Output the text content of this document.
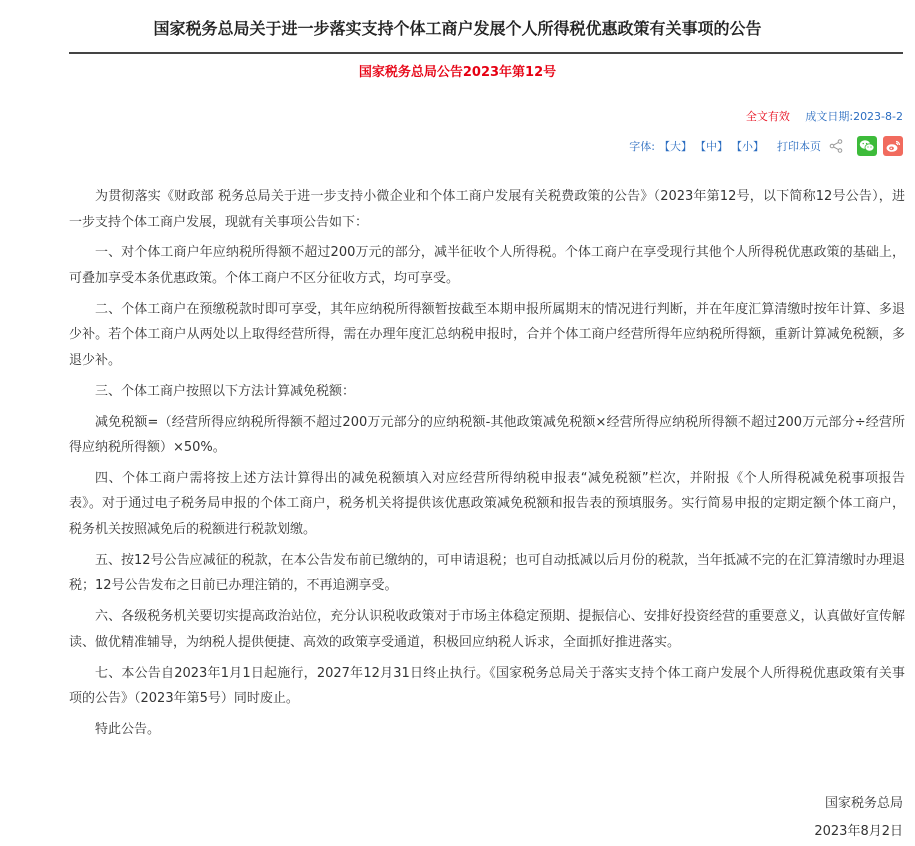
国家税务总局关于进一步落实支持个体工商户发展个人所得税优惠政策有关事项的公告
国家税务总局公告2023年第12号
全文有效 成文日期:2023-8-2
字体: 【大】 【中】 【小】 打印本页

为贯彻落实《财政部 税务总局关于进一步支持小微企业和个体工商户发展有关税费政策的公告》（2023年第12号，以下简称12号公告），进一步支持个体工商户发展，现就有关事项公告如下：

一、对个体工商户年应纳税所得额不超过200万元的部分，减半征收个人所得税。个体工商户在享受现行其他个人所得税优惠政策的基础上，可叠加享受本条优惠政策。个体工商户不区分征收方式，均可享受。

二、个体工商户在预缴税款时即可享受，其年应纳税所得额暂按截至本期申报所属期末的情况进行判断，并在年度汇算清缴时按年计算、多退少补。若个体工商户从两处以上取得经营所得，需在办理年度汇总纳税申报时，合并个体工商户经营所得年应纳税所得额，重新计算减免税额，多退少补。

三、个体工商户按照以下方法计算减免税额：

减免税额=（经营所得应纳税所得额不超过200万元部分的应纳税额-其他政策减免税额×经营所得应纳税所得额不超过200万元部分÷经营所得应纳税所得额）×50%。

四、个体工商户需将按上述方法计算得出的减免税额填入对应经营所得纳税申报表“减免税额”栏次，并附报《个人所得税减免税事项报告表》。对于通过电子税务局申报的个体工商户，税务机关将提供该优惠政策减免税额和报告表的预填服务。实行简易申报的定期定额个体工商户，税务机关按照减免后的税额进行税款划缴。

五、按12号公告应减征的税款，在本公告发布前已缴纳的，可申请退税；也可自动抵减以后月份的税款，当年抵减不完的在汇算清缴时办理退税；12号公告发布之日前已办理注销的，不再追溯享受。

六、各级税务机关要切实提高政治站位，充分认识税收政策对于市场主体稳定预期、提振信心、安排好投资经营的重要意义，认真做好宣传解读、做优精准辅导，为纳税人提供便捷、高效的政策享受通道，积极回应纳税人诉求，全面抓好推进落实。

七、本公告自2023年1月1日起施行，2027年12月31日终止执行。《国家税务总局关于落实支持个体工商户发展个人所得税优惠政策有关事项的公告》（2023年第5号）同时废止。

特此公告。

国家税务总局
2023年8月2日
